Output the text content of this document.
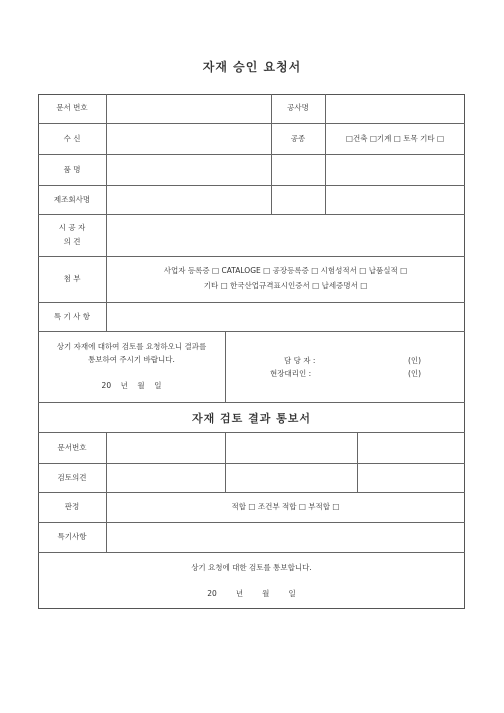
자재 승인 요청서
문서 번호
수 신
품 명
제조회사명
시 공 자
의 견
첨 부
특 기 사 항
공사명
공종	□건축 □기계 □ 토목 기타 □
사업자 등록증 □ CATALOGE □ 공장등록증 □ 시험성적서 □ 납품실적 □
기타 □ 한국산업규격표시인증서 □ 납세증명서 □
상기 자재에 대하여 검토를 요청하오니 결과를
통보하여 주시기 바랍니다.
20    년    월    일
담 당 자 :
현장대리인 :
(인)
(인)
자재 검토 결과 통보서
문서번호
검토의견
판정
특기사항
적합 □ 조건부 적합 □ 부적합 □
상기 요청에 대한 검토를 통보합니다.
20        년        월        일
